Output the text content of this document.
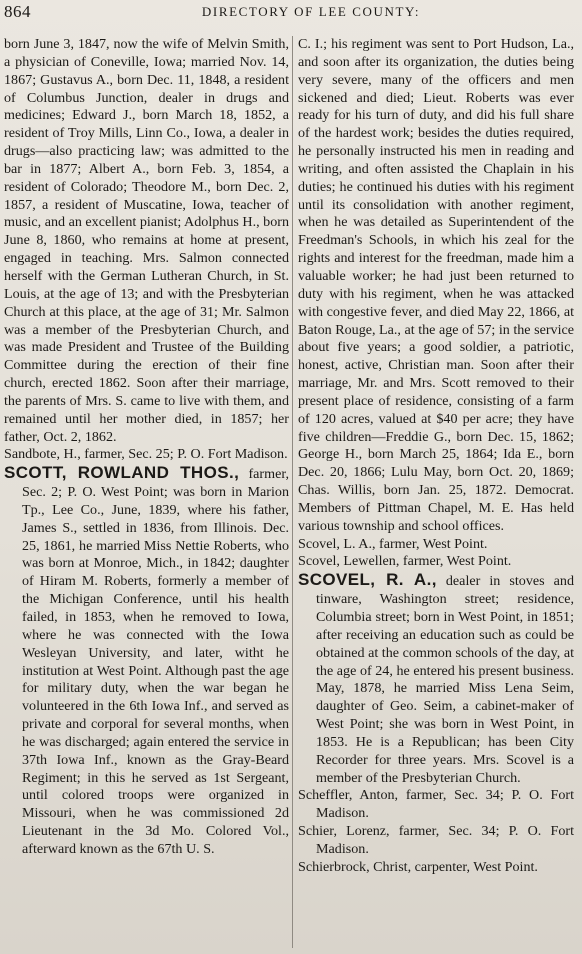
864	DIRECTORY OF LEE COUNTY:

born June 3, 1847, now the wife of Melvin Smith, a physician of Coneville, Iowa; married Nov. 14, 1867; Gustavus A., born Dec. 11, 1848, a resident of Columbus Junction, dealer in drugs and medicines; Edward J., born March 18, 1852, a resident of Troy Mills, Linn Co., Iowa, a dealer in drugs—also practicing law; was admitted to the bar in 1877; Albert A., born Feb. 3, 1854, a resident of Colorado; Theodore M., born Dec. 2, 1857, a resident of Muscatine, Iowa, teacher of music, and an excellent pianist; Adolphus H., born June 8, 1860, who remains at home at present, engaged in teaching. Mrs. Salmon connected herself with the German Lutheran Church, in St. Louis, at the age of 13; and with the Presbyterian Church at this place, at the age of 31; Mr. Salmon was a member of the Presbyterian Church, and was made President and Trustee of the Building Committee during the erection of their fine church, erected 1862. Soon after their marriage, the parents of Mrs. S. came to live with them, and remained until her mother died, in 1857; her father, Oct. 2, 1862.

Sandbote, H., farmer, Sec. 25; P. O. Fort Madison.

SCOTT, ROWLAND THOS., farmer, Sec. 2; P. O. West Point; was born in Marion Tp., Lee Co., June, 1839, where his father, James S., settled in 1836, from Illinois. Dec. 25, 1861, he married Miss Nettie Roberts, who was born at Monroe, Mich., in 1842; daughter of Hiram M. Roberts, formerly a member of the Michigan Conference, until his health failed, in 1853, when he removed to Iowa, where he was connected with the Iowa Wesleyan University, and later, witht he institution at West Point. Although past the age for military duty, when the war began he volunteered in the 6th Iowa Inf., and served as private and corporal for several months, when he was discharged; again entered the service in 37th Iowa Inf., known as the Gray-Beard Regiment; in this he served as 1st Sergeant, until colored troops were organized in Missouri, when he was commissioned 2d Lieutenant in the 3d Mo. Colored Vol., afterward known as the 67th U. S.

C. I.; his regiment was sent to Port Hudson, La., and soon after its organization, the duties being very severe, many of the officers and men sickened and died; Lieut. Roberts was ever ready for his turn of duty, and did his full share of the hardest work; besides the duties required, he personally instructed his men in reading and writing, and often assisted the Chaplain in his duties; he continued his duties with his regiment until its consolidation with another regiment, when he was detailed as Superintendent of the Freedman's Schools, in which his zeal for the rights and interest for the freedman, made him a valuable worker; he had just been returned to duty with his regiment, when he was attacked with congestive fever, and died May 22, 1866, at Baton Rouge, La., at the age of 57; in the service about five years; a good soldier, a patriotic, honest, active, Christian man. Soon after their marriage, Mr. and Mrs. Scott removed to their present place of residence, consisting of a farm of 120 acres, valued at $40 per acre; they have five children—Freddie G., born Dec. 15, 1862; George H., born March 25, 1864; Ida E., born Dec. 20, 1866; Lulu May, born Oct. 20, 1869; Chas. Willis, born Jan. 25, 1872. Democrat. Members of Pittman Chapel, M. E. Has held various township and school offices.

Scovel, L. A., farmer, West Point.

Scovel, Lewellen, farmer, West Point.

SCOVEL, R. A., dealer in stoves and tinware, Washington street; residence, Columbia street; born in West Point, in 1851; after receiving an education such as could be obtained at the common schools of the day, at the age of 24, he entered his present business. May, 1878, he married Miss Lena Seim, daughter of Geo. Seim, a cabinet-maker of West Point; she was born in West Point, in 1853. He is a Republican; has been City Recorder for three years. Mrs. Scovel is a member of the Presbyterian Church.

Scheffler, Anton, farmer, Sec. 34; P. O. Fort Madison.

Schier, Lorenz, farmer, Sec. 34; P. O. Fort Madison.

Schierbrock, Christ, carpenter, West Point.
